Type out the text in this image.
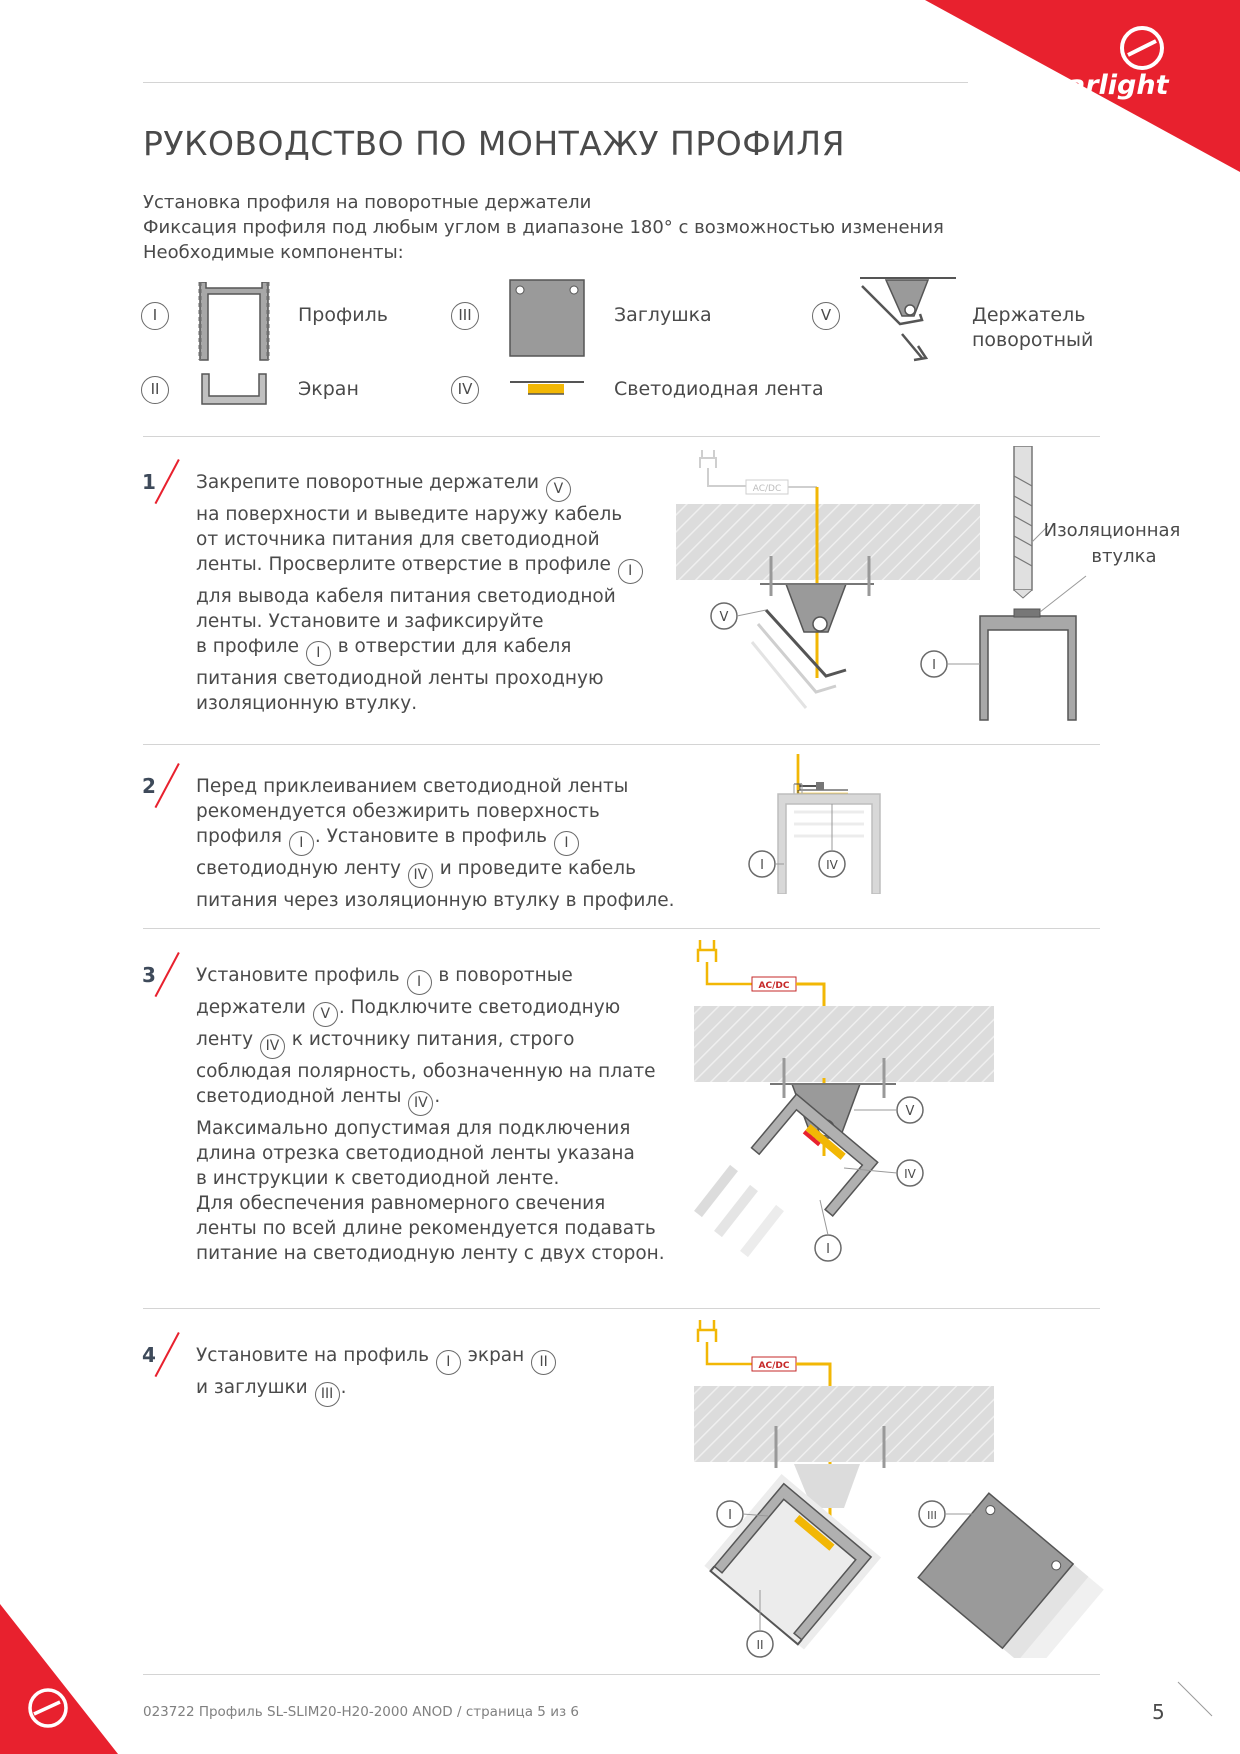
arlight
РУКОВОДСТВО ПО МОНТАЖУ ПРОФИЛЯ
Установка профиля на поворотные держатели
Фиксация профиля под любым углом в диапазоне 180° с возможностью изменения
Необходимые компоненты:
I	Профиль
II	Экран
III	Заглушка
IV	Светодиодная лента
V	Держатель
поворотный
1 Закрепите поворотные держатели V

на поверхности и выведите наружу кабель

от источника питания для светодиодной

ленты. Просверлите отверстие в профиле I

для вывода кабеля питания светодиодной

ленты. Установите и зафиксируйте

в профиле I в отверстии для кабеля

питания светодиодной ленты проходную

изоляционную втулку.

2 Перед приклеиванием светодиодной ленты

рекомендуется обезжирить поверхность

профиля I . Установите в профиль I

светодиодную ленту IV и проведите кабель

питания через изоляционную втулку в профиле.

3 Установите профиль I в поворотные

держатели V . Подключите светодиодную

ленту IV к источнику питания, строго

соблюдая полярность, обозначенную на плате

светодиодной ленты IV .

Максимально допустимая для подключения

длина отрезка светодиодной ленты указана

в инструкции к светодиодной ленте.

Для обеспечения равномерного свечения

ленты по всей длине рекомендуется подавать

питание на светодиодную ленту с двух сторон.

4 Установите на профиль I экран II

и заглушки III .

AC/DC
V
Изоляционная
втулка
I
I	IV
AC/DC
V
IV
I
AC/DC
I
II
III
023722 Профиль SL-SLIM20-H20-2000 ANOD / страница 5 из 6	5
